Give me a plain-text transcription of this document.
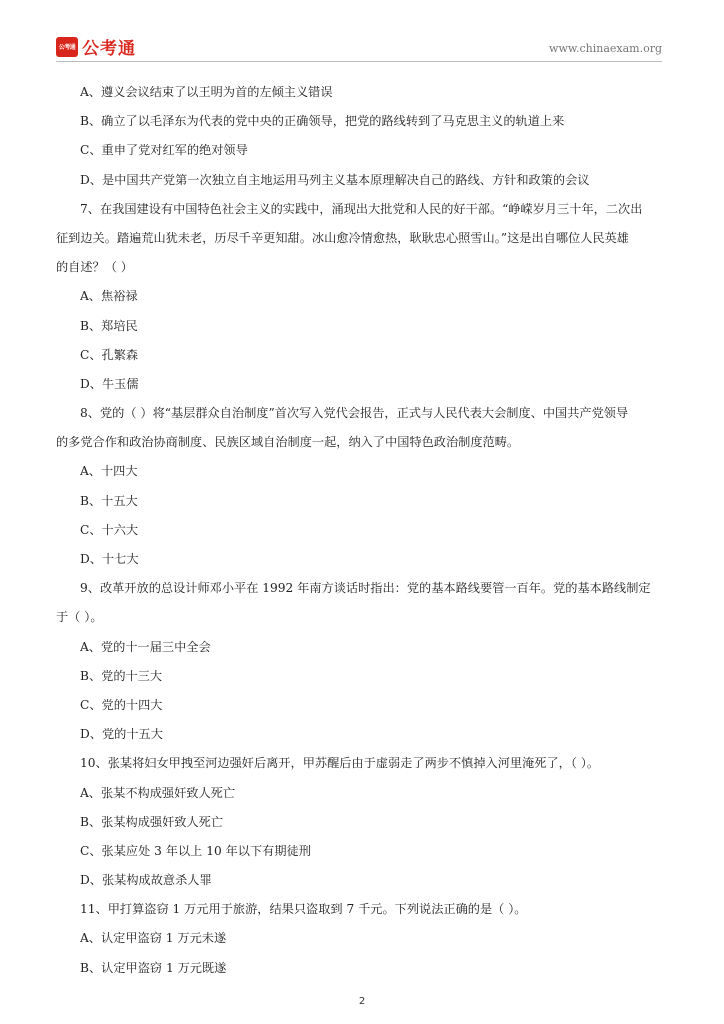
公考通 公考通	www.chinaexam.org
A、遵义会议结束了以王明为首的左倾主义错误
B、确立了以毛泽东为代表的党中央的正确领导，把党的路线转到了马克思主义的轨道上来
C、重申了党对红军的绝对领导
D、是中国共产党第一次独立自主地运用马列主义基本原理解决自己的路线、方针和政策的会议
7、在我国建设有中国特色社会主义的实践中，涌现出大批党和人民的好干部。“峥嵘岁月三十年，二次出
征到边关。踏遍荒山犹未老，历尽千辛更知甜。冰山愈冷情愈热，耿耿忠心照雪山。”这是出自哪位人民英雄
的自述？（ ）
A、焦裕禄
B、郑培民
C、孔繁森
D、牛玉儒
8、党的（ ）将“基层群众自治制度”首次写入党代会报告，正式与人民代表大会制度、中国共产党领导
的多党合作和政治协商制度、民族区域自治制度一起，纳入了中国特色政治制度范畴。
A、十四大
B、十五大
C、十六大
D、十七大
9、改革开放的总设计师邓小平在 1992 年南方谈话时指出：党的基本路线要管一百年。党的基本路线制定
于（ ）。
A、党的十一届三中全会
B、党的十三大
C、党的十四大
D、党的十五大
10、张某将妇女甲拽至河边强奸后离开，甲苏醒后由于虚弱走了两步不慎掉入河里淹死了，（ ）。
A、张某不构成强奸致人死亡
B、张某构成强奸致人死亡
C、张某应处 3 年以上 10 年以下有期徒刑
D、张某构成故意杀人罪
11、甲打算盗窃 1 万元用于旅游，结果只盗取到 7 千元。下列说法正确的是（ ）。
A、认定甲盗窃 1 万元未遂
B、认定甲盗窃 1 万元既遂
2
